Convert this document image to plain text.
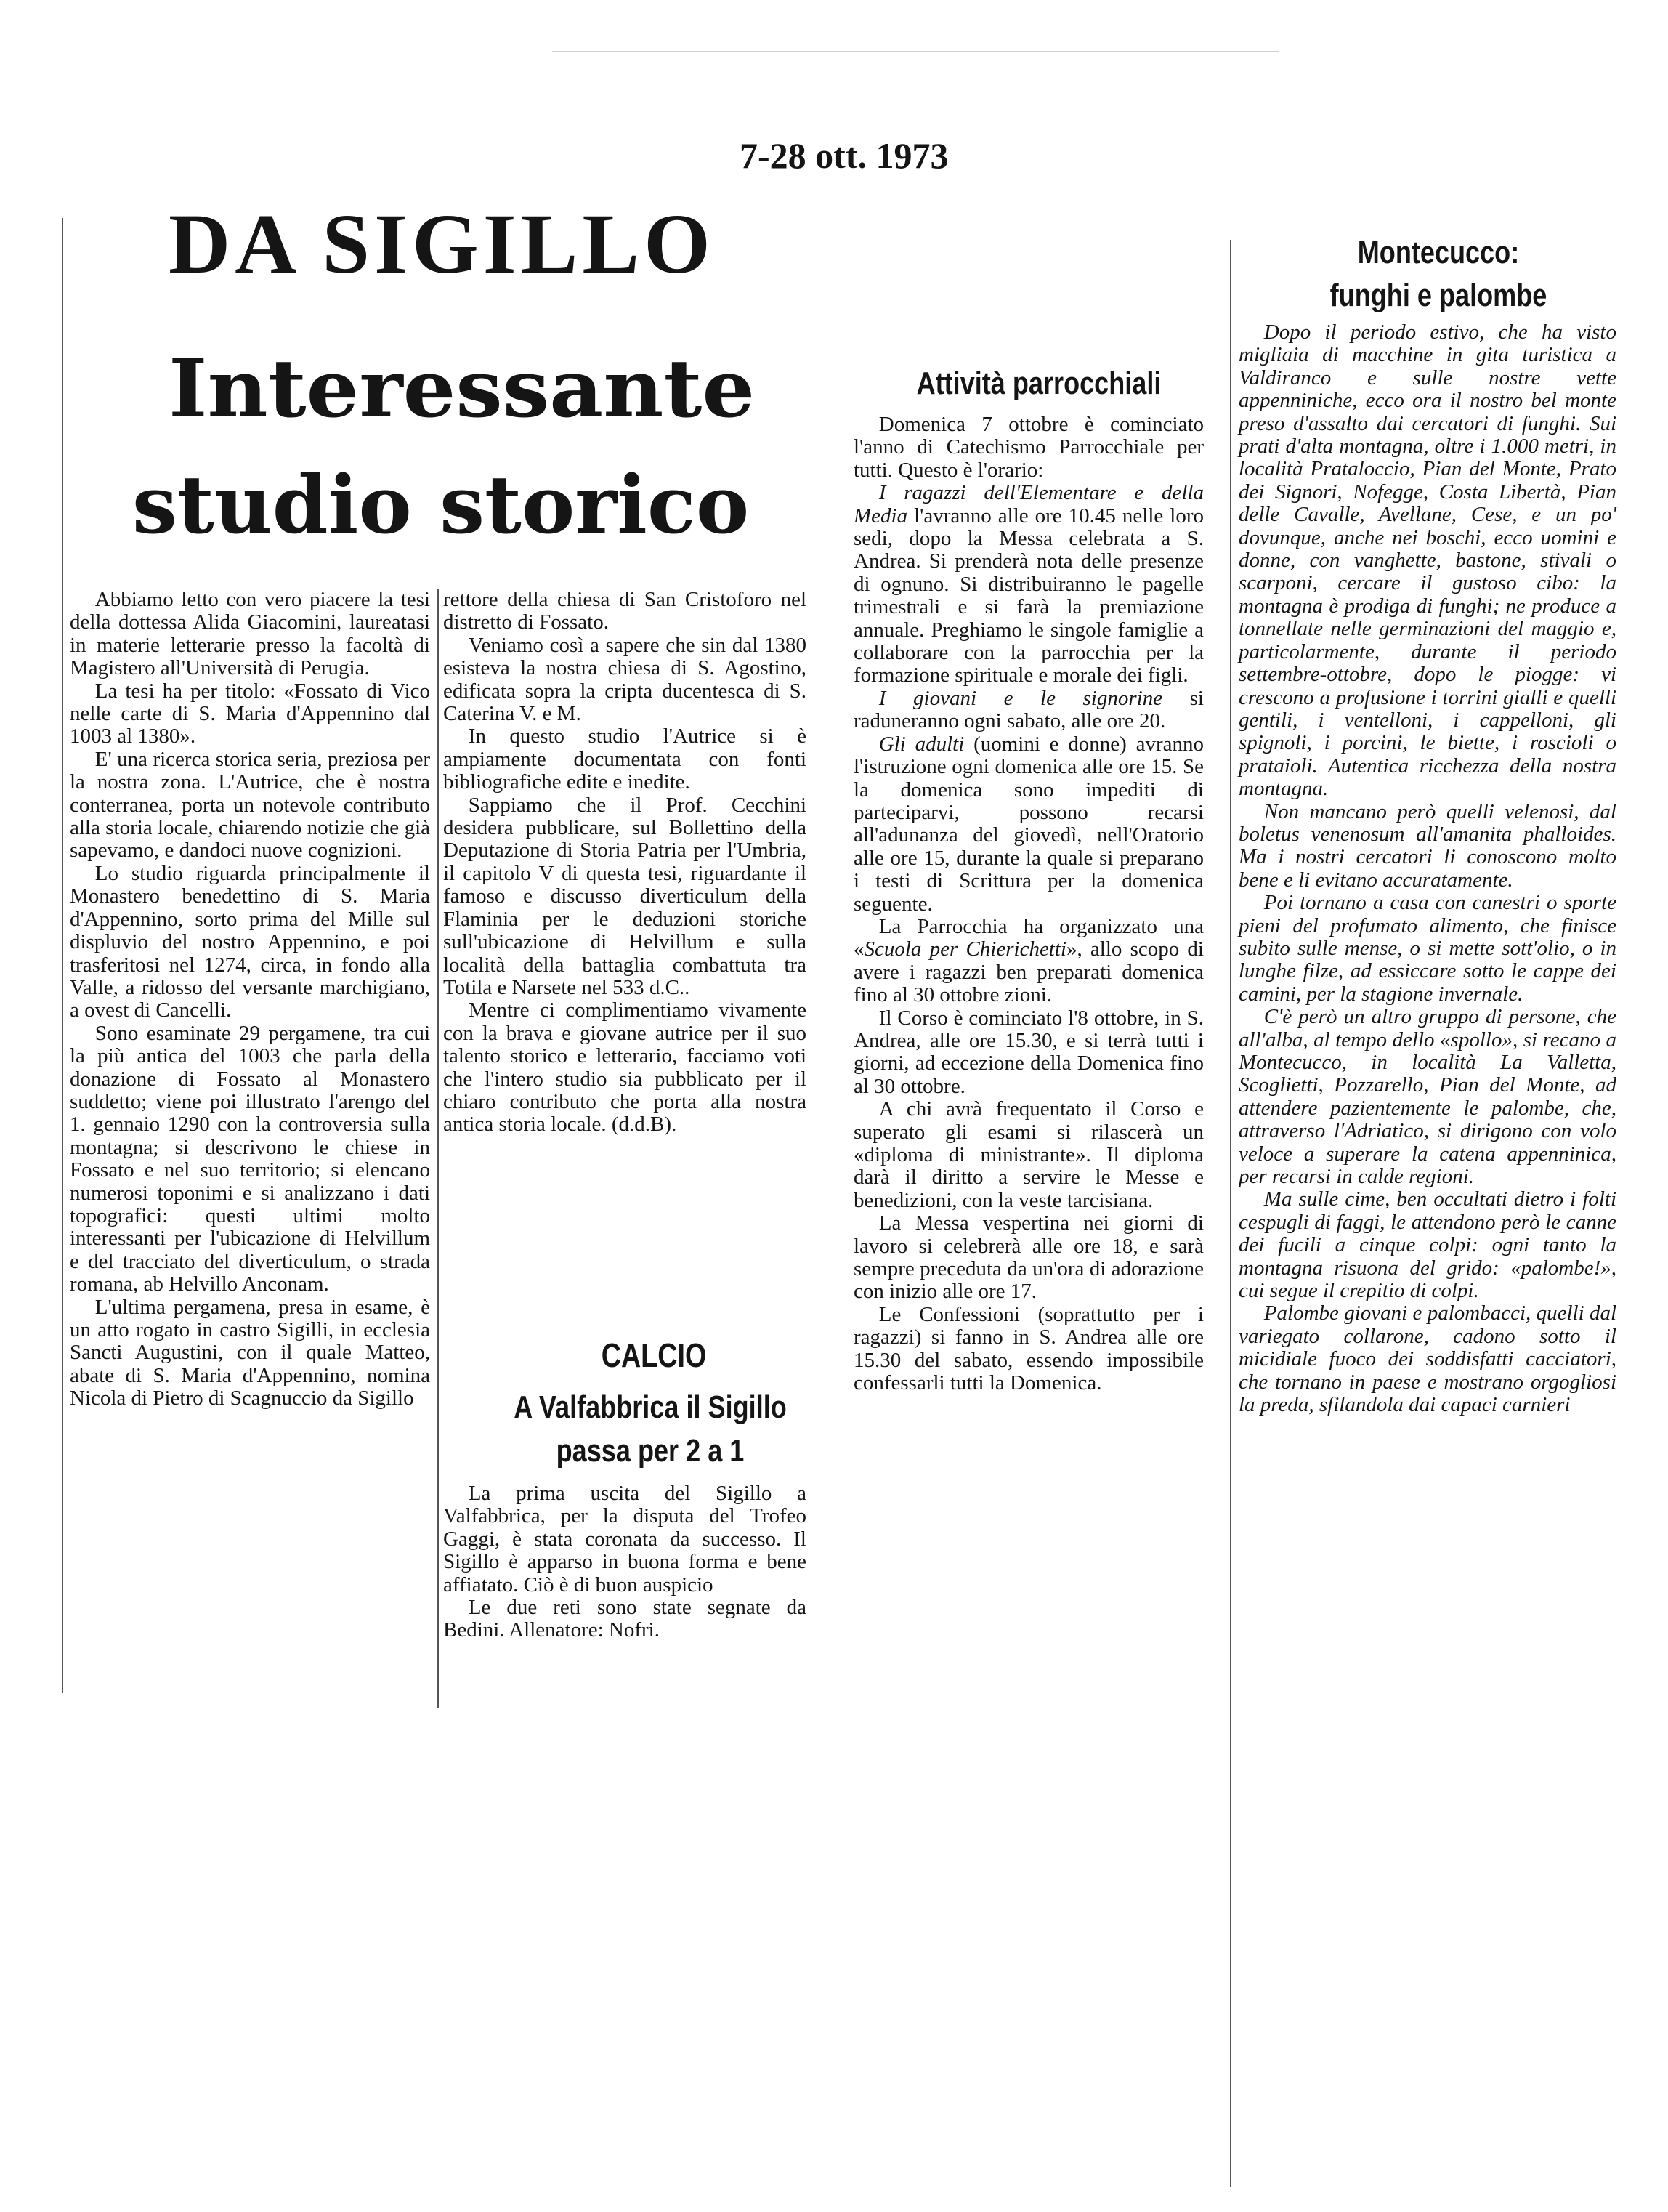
7-28 ott. 1973
DA SIGILLO
Interessante
studio storico

Abbiamo letto con vero piacere la tesi della dottessa Alida Giacomini, laureatasi in materie letterarie presso la facoltà di Magistero all'Università di Perugia.

La tesi ha per titolo: «Fossato di Vico nelle carte di S. Maria d'Appennino dal 1003 al 1380».

E' una ricerca storica seria, preziosa per la nostra zona. L'Autrice, che è nostra conterranea, porta un notevole contributo alla storia locale, chiarendo notizie che già sapevamo, e dandoci nuove cognizioni.

Lo studio riguarda principalmente il Monastero benedettino di S. Maria d'Appennino, sorto prima del Mille sul displuvio del nostro Appennino, e poi trasferitosi nel 1274, circa, in fondo alla Valle, a ridosso del versante marchigiano, a ovest di Cancelli.

Sono esaminate 29 pergamene, tra cui la più antica del 1003 che parla della donazione di Fossato al Monastero suddetto; viene poi illustrato l'arengo del 1. gennaio 1290 con la controversia sulla montagna; si descrivono le chiese in Fossato e nel suo territorio; si elencano numerosi toponimi e si analizzano i dati topografici: questi ultimi molto interessanti per l'ubicazione di Helvillum e del tracciato del diverticulum, o strada romana, ab Helvillo Anconam.

L'ultima pergamena, presa in esame, è un atto rogato in castro Sigilli, in ecclesia Sancti Augustini, con il quale Matteo, abate di S. Maria d'Appennino, nomina Nicola di Pietro di Scagnuccio da Sigillo

rettore della chiesa di San Cristoforo nel distretto di Fossato.

Veniamo così a sapere che sin dal 1380 esisteva la nostra chiesa di S. Agostino, edificata sopra la cripta ducentesca di S. Caterina V. e M.

In questo studio l'Autrice si è ampiamente documentata con fonti bibliografiche edite e inedite.

Sappiamo che il Prof. Cecchini desidera pubblicare, sul Bollettino della Deputazione di Storia Patria per l'Umbria, il capitolo V di questa tesi, riguardante il famoso e discusso diverticulum della Flaminia per le deduzioni storiche sull'ubicazione di Helvillum e sulla località della battaglia combattuta tra Totila e Narsete nel 533 d.C..

Mentre ci complimentiamo vivamente con la brava e giovane autrice per il suo talento storico e letterario, facciamo voti che l'intero studio sia pubblicato per il chiaro contributo che porta alla nostra antica storia locale. (d.d.B).

CALCIO
A Valfabbrica il Sigillo
passa per 2 a 1

La prima uscita del Sigillo a Valfabbrica, per la disputa del Trofeo Gaggi, è stata coronata da successo. Il Sigillo è apparso in buona forma e bene affiatato. Ciò è di buon auspicio

Le due reti sono state segnate da Bedini. Allenatore: Nofri.

Attività parrocchiali

Domenica 7 ottobre è cominciato l'anno di Catechismo Parrocchiale per tutti. Questo è l'orario:

I ragazzi dell'Elementare e della Media l'avranno alle ore 10.45 nelle loro sedi, dopo la Messa celebrata a S. Andrea. Si prenderà nota delle presenze di ognuno. Si distribuiranno le pagelle trimestrali e si farà la premiazione annuale. Preghiamo le singole famiglie a collaborare con la parrocchia per la formazione spirituale e morale dei figli.

I giovani e le signorine si raduneranno ogni sabato, alle ore 20.

Gli adulti (uomini e donne) avranno l'istruzione ogni domenica alle ore 15. Se la domenica sono impediti di parteciparvi, possono recarsi all'adunanza del giovedì, nell'Oratorio alle ore 15, durante la quale si preparano i testi di Scrittura per la domenica seguente.

La Parrocchia ha organizzato una «Scuola per Chierichetti», allo scopo di avere i ragazzi ben preparati domenica fino al 30 ottobre zioni.

Il Corso è cominciato l'8 ottobre, in S. Andrea, alle ore 15.30, e si terrà tutti i giorni, ad eccezione della Domenica fino al 30 ottobre.

A chi avrà frequentato il Corso e superato gli esami si rilascerà un «diploma di ministrante». Il diploma darà il diritto a servire le Messe e benedizioni, con la veste tarcisiana.

La Messa vespertina nei giorni di lavoro si celebrerà alle ore 18, e sarà sempre preceduta da un'ora di adorazione con inizio alle ore 17.

Le Confessioni (soprattutto per i ragazzi) si fanno in S. Andrea alle ore 15.30 del sabato, essendo impossibile confessarli tutti la Domenica.

Montecucco:
funghi e palombe

Dopo il periodo estivo, che ha visto migliaia di macchine in gita turistica a Valdiranco e sulle nostre vette appenniniche, ecco ora il nostro bel monte preso d'assalto dai cercatori di funghi. Sui prati d'alta montagna, oltre i 1.000 metri, in località Prataloccio, Pian del Monte, Prato dei Signori, Nofegge, Costa Libertà, Pian delle Cavalle, Avellane, Cese, e un po' dovunque, anche nei boschi, ecco uomini e donne, con vanghette, bastone, stivali o scarponi, cercare il gustoso cibo: la montagna è prodiga di funghi; ne produce a tonnellate nelle germinazioni del maggio e, particolarmente, durante il periodo settembre-ottobre, dopo le piogge: vi crescono a profusione i torrini gialli e quelli gentili, i ventelloni, i cappelloni, gli spignoli, i porcini, le biette, i roscioli o prataioli. Autentica ricchezza della nostra montagna.

Non mancano però quelli velenosi, dal boletus venenosum all'amanita phalloides. Ma i nostri cercatori li conoscono molto bene e li evitano accuratamente.

Poi tornano a casa con canestri o sporte pieni del profumato alimento, che finisce subito sulle mense, o si mette sott'olio, o in lunghe filze, ad essiccare sotto le cappe dei camini, per la stagione invernale.

C'è però un altro gruppo di persone, che all'alba, al tempo dello «spollo», si recano a Montecucco, in località La Valletta, Scoglietti, Pozzarello, Pian del Monte, ad attendere pazientemente le palombe, che, attraverso l'Adriatico, si dirigono con volo veloce a superare la catena appenninica, per recarsi in calde regioni.

Ma sulle cime, ben occultati dietro i folti cespugli di faggi, le attendono però le canne dei fucili a cinque colpi: ogni tanto la montagna risuona del grido: «palombe!», cui segue il crepitio di colpi.

Palombe giovani e palombacci, quelli dal variegato collarone, cadono sotto il micidiale fuoco dei soddisfatti cacciatori, che tornano in paese e mostrano orgogliosi la preda, sfilandola dai capaci carnieri
